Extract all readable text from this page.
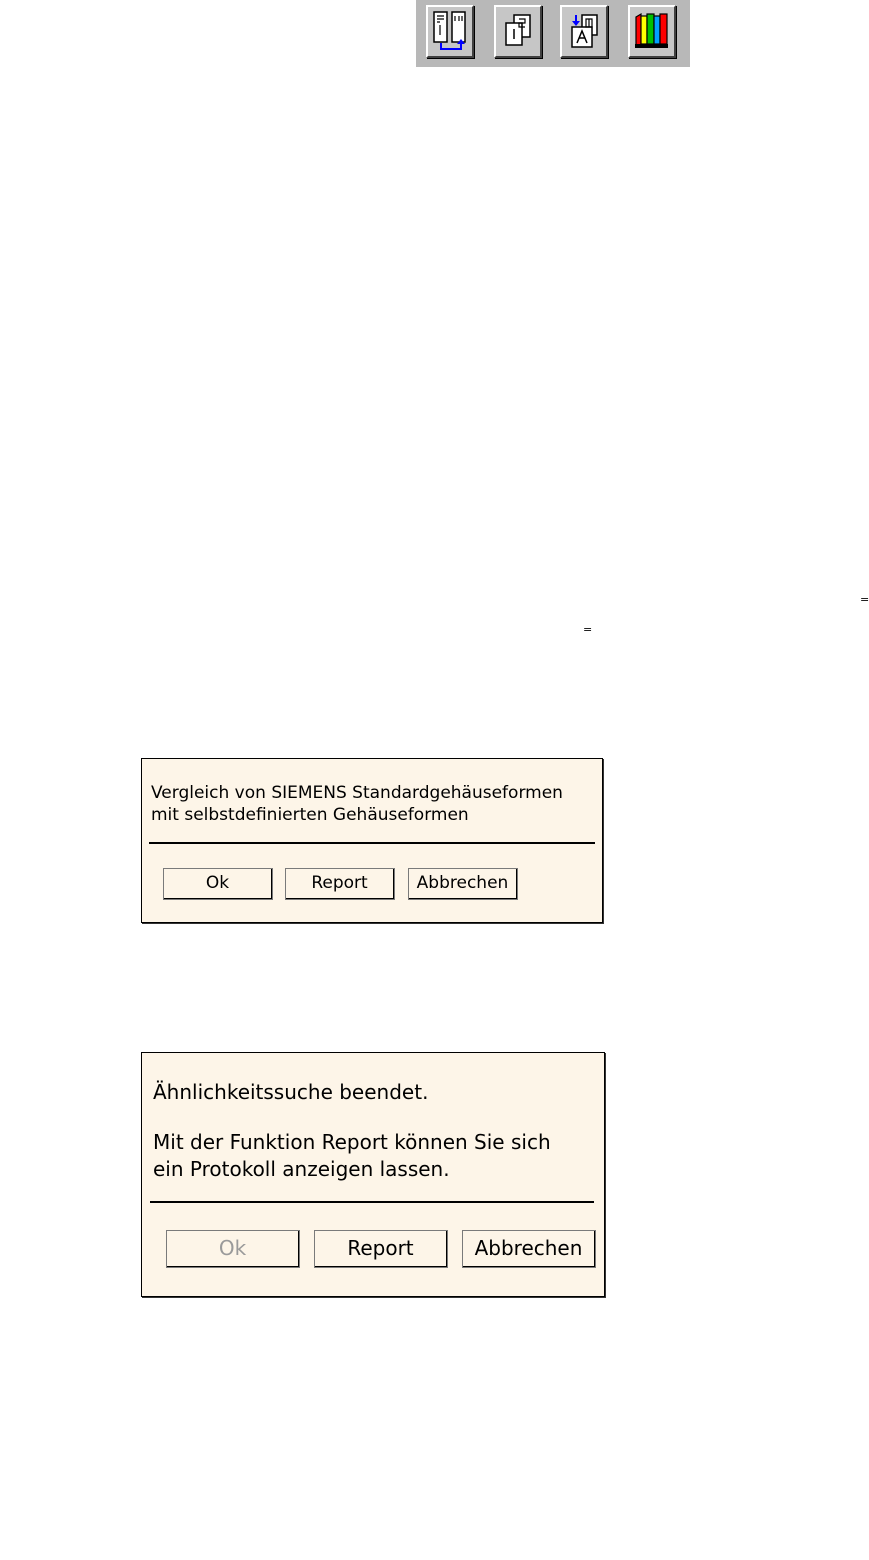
=
=
Vergleich von SIEMENS Standardgehäuseformen
mit selbstdefinierten Gehäuseformen
Ok	Report	Abbrechen
Ähnlichkeitssuche beendet.
Mit der Funktion Report können Sie sich
ein Protokoll anzeigen lassen.
Ok	Report	Abbrechen
